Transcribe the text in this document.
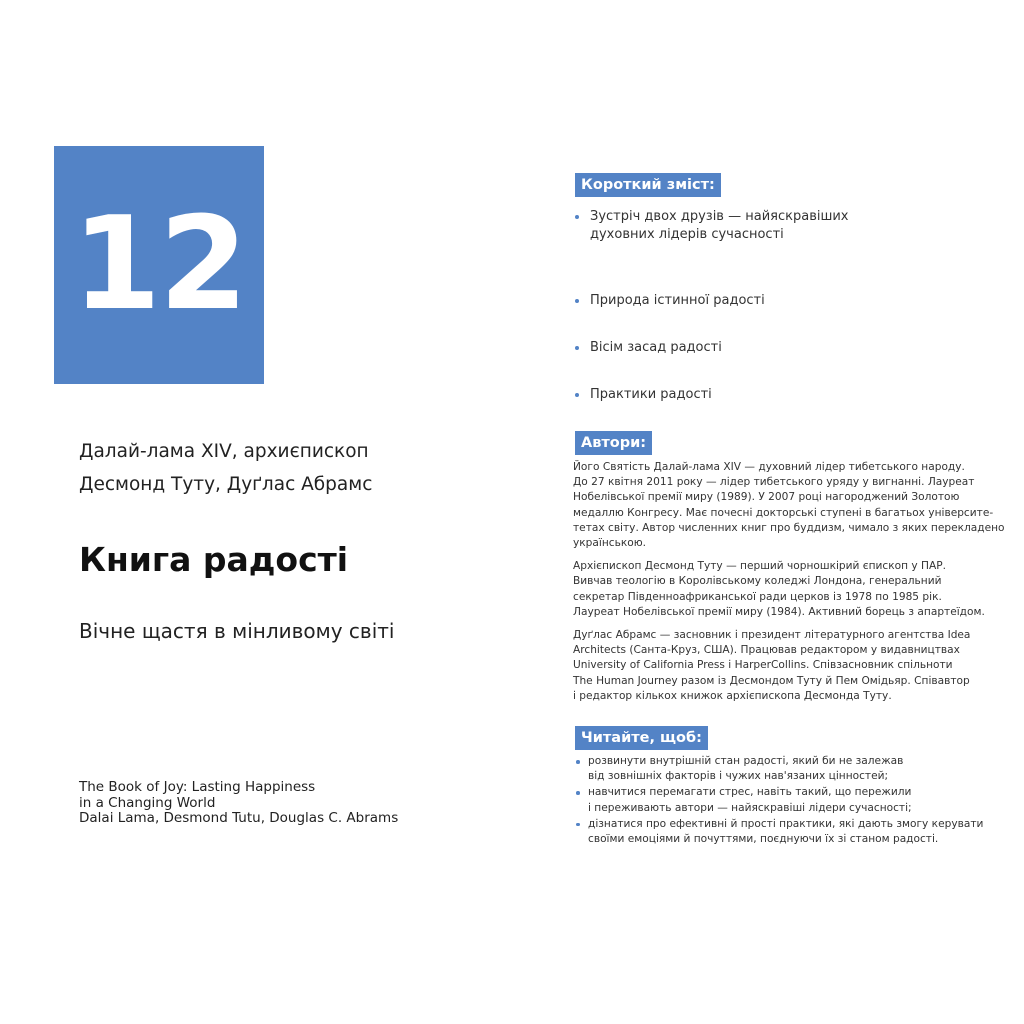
12
Далай-лама XIV, архиєпископ
Десмонд Туту, Дуґлас Абрамс
Книга радості

Вічне щастя в мінливому світі

The Book of Joy: Lasting Happiness
in a Changing World
Dalai Lama, Desmond Tutu, Douglas C. Abrams
Короткий зміст:
Зустріч двох друзів — найяскравіших
духовних лідерів сучасності
Природа істинної радості
Вісім засад радості
Практики радості
Автори:
Його Святість Далай-лама XIV — духовний лідер тибетського народу.
До 27 квітня 2011 року — лідер тибетського уряду у вигнанні. Лауреат
Нобелівської премії миру (1989). У 2007 році нагороджений Золотою
медаллю Конгресу. Має почесні докторські ступені в багатьох університе-
тетах світу. Автор численних книг про буддизм, чимало з яких перекладено
українською.
Архієпископ Десмонд Туту — перший чорношкірий єпископ у ПАР.
Вивчав теологію в Королівському коледжі Лондона, генеральний
секретар Південноафриканської ради церков із 1978 по 1985 рік.
Лауреат Нобелівської премії миру (1984). Активний борець з апартеїдом.
Дуґлас Абрамс — засновник і президент літературного агентства Idea
Architects (Санта-Круз, США). Працював редактором у видавництвах
University of California Press і HarperCollins. Співзасновник спільноти
The Human Journey разом із Десмондом Туту й Пем Омідьяр. Співавтор
і редактор кількох книжок архієпископа Десмонда Туту.
Читайте, щоб:
розвинути внутрішній стан радості, який би не залежав
від зовнішніх факторів і чужих нав'язаних цінностей;
навчитися перемагати стрес, навіть такий, що пережили
і переживають автори — найяскравіші лідери сучасності;
дізнатися про ефективні й прості практики, які дають змогу керувати
своїми емоціями й почуттями, поєднуючи їх зі станом радості.
